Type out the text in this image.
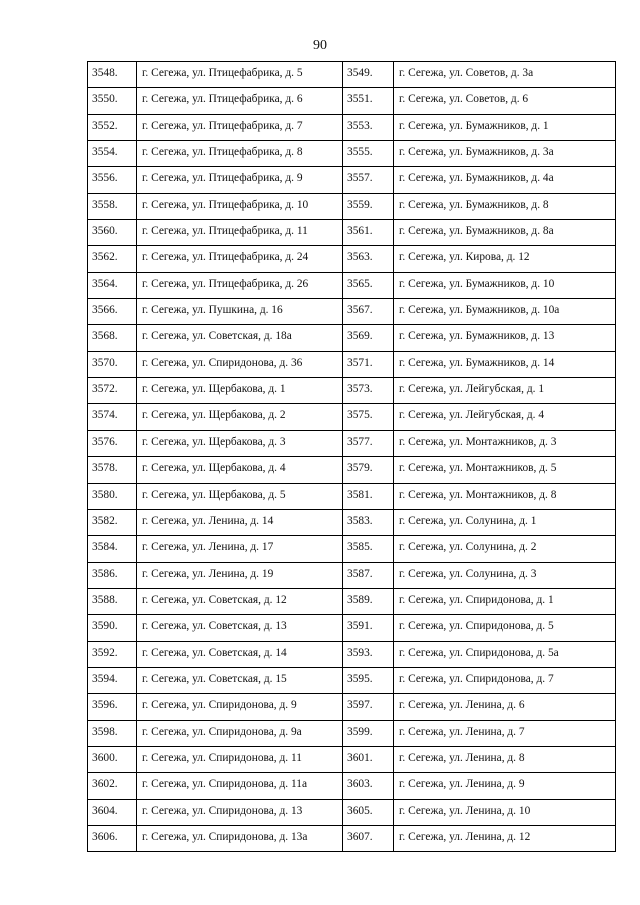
90
3548.	г. Сегежа, ул. Птицефабрика, д. 5	3549.	г. Сегежа, ул. Советов, д. 3а
3550.	г. Сегежа, ул. Птицефабрика, д. 6	3551.	г. Сегежа, ул. Советов, д. 6
3552.	г. Сегежа, ул. Птицефабрика, д. 7	3553.	г. Сегежа, ул. Бумажников, д. 1
3554.	г. Сегежа, ул. Птицефабрика, д. 8	3555.	г. Сегежа, ул. Бумажников, д. 3а
3556.	г. Сегежа, ул. Птицефабрика, д. 9	3557.	г. Сегежа, ул. Бумажников, д. 4а
3558.	г. Сегежа, ул. Птицефабрика, д. 10	3559.	г. Сегежа, ул. Бумажников, д. 8
3560.	г. Сегежа, ул. Птицефабрика, д. 11	3561.	г. Сегежа, ул. Бумажников, д. 8а
3562.	г. Сегежа, ул. Птицефабрика, д. 24	3563.	г. Сегежа, ул. Кирова, д. 12
3564.	г. Сегежа, ул. Птицефабрика, д. 26	3565.	г. Сегежа, ул. Бумажников, д. 10
3566.	г. Сегежа, ул. Пушкина, д. 16	3567.	г. Сегежа, ул. Бумажников, д. 10а
3568.	г. Сегежа, ул. Советская, д. 18а	3569.	г. Сегежа, ул. Бумажников, д. 13
3570.	г. Сегежа, ул. Спиридонова, д. 36	3571.	г. Сегежа, ул. Бумажников, д. 14
3572.	г. Сегежа, ул. Щербакова, д. 1	3573.	г. Сегежа, ул. Лейгубская, д. 1
3574.	г. Сегежа, ул. Щербакова, д. 2	3575.	г. Сегежа, ул. Лейгубская, д. 4
3576.	г. Сегежа, ул. Щербакова, д. 3	3577.	г. Сегежа, ул. Монтажников, д. 3
3578.	г. Сегежа, ул. Щербакова, д. 4	3579.	г. Сегежа, ул. Монтажников, д. 5
3580.	г. Сегежа, ул. Щербакова, д. 5	3581.	г. Сегежа, ул. Монтажников, д. 8
3582.	г. Сегежа, ул. Ленина, д. 14	3583.	г. Сегежа, ул. Солунина, д. 1
3584.	г. Сегежа, ул. Ленина, д. 17	3585.	г. Сегежа, ул. Солунина, д. 2
3586.	г. Сегежа, ул. Ленина, д. 19	3587.	г. Сегежа, ул. Солунина, д. 3
3588.	г. Сегежа, ул. Советская, д. 12	3589.	г. Сегежа, ул. Спиридонова, д. 1
3590.	г. Сегежа, ул. Советская, д. 13	3591.	г. Сегежа, ул. Спиридонова, д. 5
3592.	г. Сегежа, ул. Советская, д. 14	3593.	г. Сегежа, ул. Спиридонова, д. 5а
3594.	г. Сегежа, ул. Советская, д. 15	3595.	г. Сегежа, ул. Спиридонова, д. 7
3596.	г. Сегежа, ул. Спиридонова, д. 9	3597.	г. Сегежа, ул. Ленина, д. 6
3598.	г. Сегежа, ул. Спиридонова, д. 9а	3599.	г. Сегежа, ул. Ленина, д. 7
3600.	г. Сегежа, ул. Спиридонова, д. 11	3601.	г. Сегежа, ул. Ленина, д. 8
3602.	г. Сегежа, ул. Спиридонова, д. 11а	3603.	г. Сегежа, ул. Ленина, д. 9
3604.	г. Сегежа, ул. Спиридонова, д. 13	3605.	г. Сегежа, ул. Ленина, д. 10
3606.	г. Сегежа, ул. Спиридонова, д. 13а	3607.	г. Сегежа, ул. Ленина, д. 12
